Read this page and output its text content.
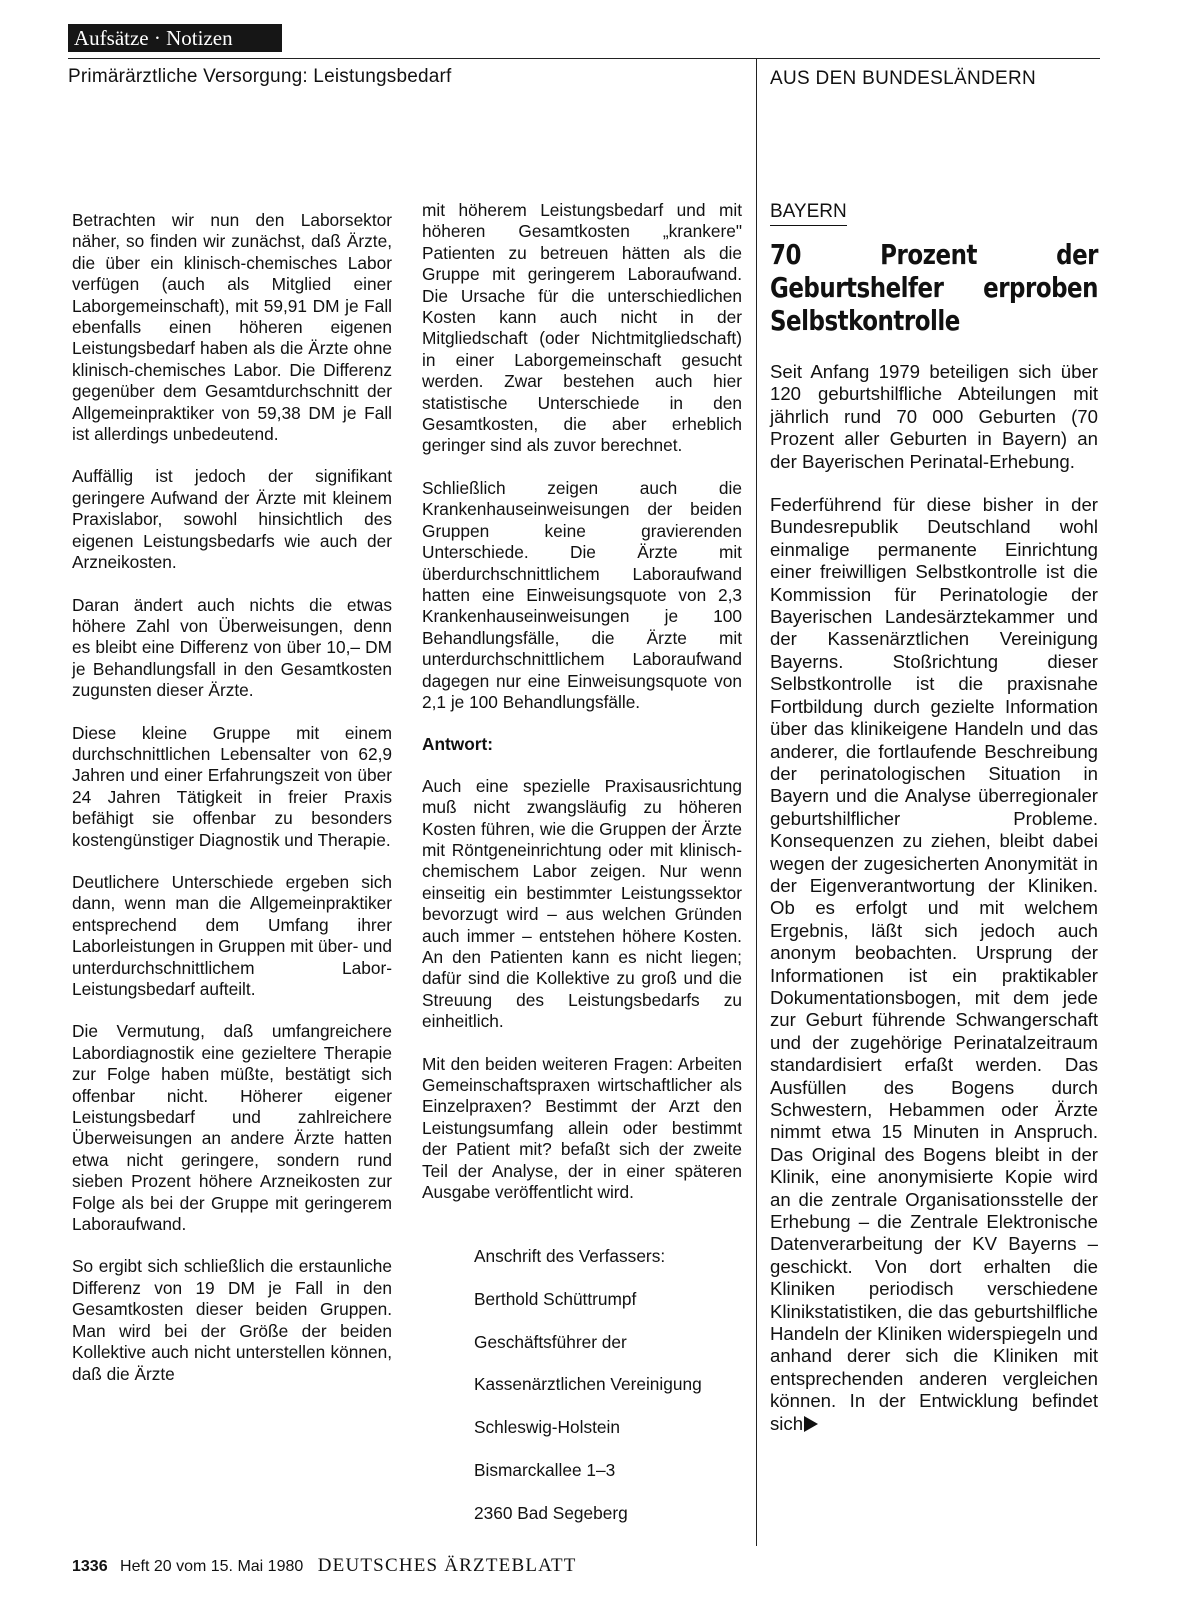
Aufsätze · Notizen
Primärärztliche Versorgung: Leistungsbedarf	AUS DEN BUNDESLÄNDERN

Betrachten wir nun den Laborsektor näher, so finden wir zunächst, daß Ärzte, die über ein klinisch-chemisches Labor verfügen (auch als Mitglied einer Laborgemeinschaft), mit 59,91 DM je Fall ebenfalls einen höheren eigenen Leistungsbedarf haben als die Ärzte ohne klinisch-chemisches Labor. Die Differenz gegenüber dem Gesamtdurchschnitt der Allgemeinpraktiker von 59,38 DM je Fall ist allerdings unbedeutend.

Auffällig ist jedoch der signifikant geringere Aufwand der Ärzte mit kleinem Praxislabor, sowohl hinsichtlich des eigenen Leistungsbedarfs wie auch der Arzneikosten.

Daran ändert auch nichts die etwas höhere Zahl von Überweisungen, denn es bleibt eine Differenz von über 10,– DM je Behandlungsfall in den Gesamtkosten zugunsten dieser Ärzte.

Diese kleine Gruppe mit einem durchschnittlichen Lebensalter von 62,9 Jahren und einer Erfahrungszeit von über 24 Jahren Tätigkeit in freier Praxis befähigt sie offenbar zu besonders kostengünstiger Diagnostik und Therapie.

Deutlichere Unterschiede ergeben sich dann, wenn man die Allgemeinpraktiker entsprechend dem Umfang ihrer Laborleistungen in Gruppen mit über- und unterdurchschnittlichem Labor-Leistungsbedarf aufteilt.

Die Vermutung, daß umfangreichere Labordiagnostik eine gezieltere Therapie zur Folge haben müßte, bestätigt sich offenbar nicht. Höherer eigener Leistungsbedarf und zahlreichere Überweisungen an andere Ärzte hatten etwa nicht geringere, sondern rund sieben Prozent höhere Arzneikosten zur Folge als bei der Gruppe mit geringerem Laboraufwand.

So ergibt sich schließlich die erstaunliche Differenz von 19 DM je Fall in den Gesamtkosten dieser beiden Gruppen. Man wird bei der Größe der beiden Kollektive auch nicht unterstellen können, daß die Ärzte

mit höherem Leistungsbedarf und mit höheren Gesamtkosten „krankere" Patienten zu betreuen hätten als die Gruppe mit geringerem Laboraufwand. Die Ursache für die unterschiedlichen Kosten kann auch nicht in der Mitgliedschaft (oder Nichtmitgliedschaft) in einer Laborgemeinschaft gesucht werden. Zwar bestehen auch hier statistische Unterschiede in den Gesamtkosten, die aber erheblich geringer sind als zuvor berechnet.

Schließlich zeigen auch die Krankenhauseinweisungen der beiden Gruppen keine gravierenden Unterschiede. Die Ärzte mit überdurchschnittlichem Laboraufwand hatten eine Einweisungsquote von 2,3 Krankenhauseinweisungen je 100 Behandlungsfälle, die Ärzte mit unterdurchschnittlichem Laboraufwand dagegen nur eine Einweisungsquote von 2,1 je 100 Behandlungsfälle.

Antwort:

Auch eine spezielle Praxisausrichtung muß nicht zwangsläufig zu höheren Kosten führen, wie die Gruppen der Ärzte mit Röntgeneinrichtung oder mit klinisch-chemischem Labor zeigen. Nur wenn einseitig ein bestimmter Leistungssektor bevorzugt wird – aus welchen Gründen auch immer – entstehen höhere Kosten. An den Patienten kann es nicht liegen; dafür sind die Kollektive zu groß und die Streuung des Leistungsbedarfs zu einheitlich.

Mit den beiden weiteren Fragen: Arbeiten Gemeinschaftspraxen wirtschaftlicher als Einzelpraxen? Bestimmt der Arzt den Leistungsumfang allein oder bestimmt der Patient mit? befaßt sich der zweite Teil der Analyse, der in einer späteren Ausgabe veröffentlicht wird.

Anschrift des Verfassers:

Berthold Schüttrumpf

Geschäftsführer der

Kassenärztlichen Vereinigung

Schleswig-Holstein

Bismarckallee 1–3

2360 Bad Segeberg

BAYERN
70 Prozent der Geburtshelfer erproben Selbstkontrolle

Seit Anfang 1979 beteiligen sich über 120 geburtshilfliche Abteilungen mit jährlich rund 70 000 Geburten (70 Prozent aller Geburten in Bayern) an der Bayerischen Perinatal-Erhebung.

Federführend für diese bisher in der Bundesrepublik Deutschland wohl einmalige permanente Einrichtung einer freiwilligen Selbstkontrolle ist die Kommission für Perinatologie der Bayerischen Landesärztekammer und der Kassenärztlichen Vereinigung Bayerns. Stoßrichtung dieser Selbstkontrolle ist die praxisnahe Fortbildung durch gezielte Information über das klinikeigene Handeln und das anderer, die fortlaufende Beschreibung der perinatologischen Situation in Bayern und die Analyse überregionaler geburtshilflicher Probleme. Konsequenzen zu ziehen, bleibt dabei wegen der zugesicherten Anonymität in der Eigenverantwortung der Kliniken. Ob es erfolgt und mit welchem Ergebnis, läßt sich jedoch auch anonym beobachten. Ursprung der Informationen ist ein praktikabler Dokumentationsbogen, mit dem jede zur Geburt führende Schwangerschaft und der zugehörige Perinatalzeitraum standardisiert erfaßt werden. Das Ausfüllen des Bogens durch Schwestern, Hebammen oder Ärzte nimmt etwa 15 Minuten in Anspruch. Das Original des Bogens bleibt in der Klinik, eine anonymisierte Kopie wird an die zentrale Organisationsstelle der Erhebung – die Zentrale Elektronische Datenverarbeitung der KV Bayerns – geschickt. Von dort erhalten die Kliniken periodisch verschiedene Klinikstatistiken, die das geburtshilfliche Handeln der Kliniken widerspiegeln und anhand derer sich die Kliniken mit entsprechenden anderen vergleichen können. In der Entwicklung befindet sich

1336 Heft 20 vom 15. Mai 1980 DEUTSCHES ÄRZTEBLATT
